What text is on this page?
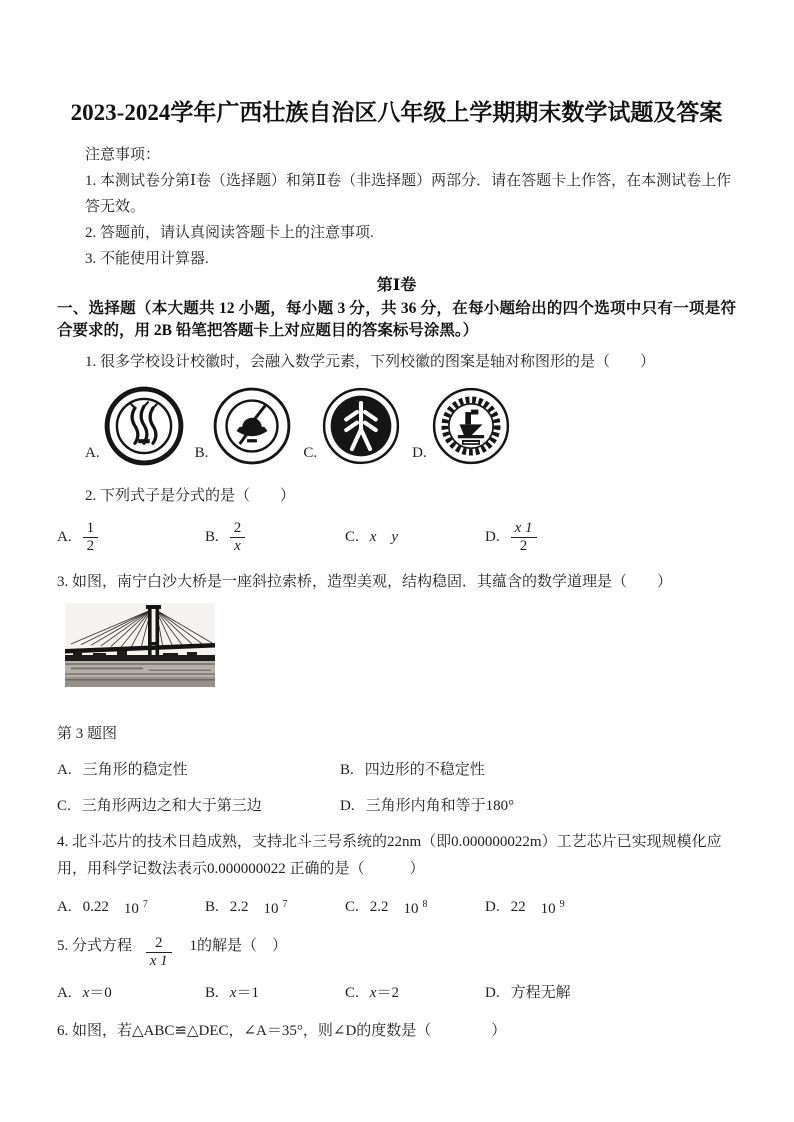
2023-2024学年广西壮族自治区八年级上学期期末数学试题及答案
注意事项：
1. 本测试卷分第Ⅰ卷（选择题）和第Ⅱ卷（非选择题）两部分．请在答题卡上作答，在本测试卷上作答无效。
2. 答题前，请认真阅读答题卡上的注意事项.
3. 不能使用计算器.
第Ⅰ卷
一、选择题（本大题共 12 小题，每小题 3 分，共 36 分，在每小题给出的四个选项中只有一项是符合要求的，用 2B 铅笔把答题卡上对应题目的答案标号涂黑。）
1. 很多学校设计校徽时，会融入数学元素，下列校徽的图案是轴对称图形的是（　　）
A.	B.	C.	D.
2. 下列式子是分式的是（　　）
A. $\frac{1}{2}$	B. $\frac{2}{x}$	C. x　y	D. $\frac{x 1}{2}$
3. 如图，南宁白沙大桥是一座斜拉索桥，造型美观，结构稳固．其蕴含的数学道理是（　　）
第 3 题图
A. 三角形的稳定性	B. 四边形的不稳定性
C. 三角形两边之和大于第三边	D. 三角形内角和等于180°
4. 北斗芯片的技术日趋成熟，支持北斗三号系统的22nm（即0.000000022m）工艺芯片已实现规模化应用，用科学记数法表示0.000000022 正确的是（　　　）
A. 0.22 10 $^7$	B. 2.2 10 $^7$	C. 2.2 10 $^8$	D. 22 10 $^9$
5. 分式方程 $\frac{2}{x 1} 1$的解是（　）
A. x ＝0	B. x ＝1	C. x ＝2	D. 方程无解
6. 如图，若△ABC≌△DEC，∠A＝35°，则∠D的度数是（　　　　）
